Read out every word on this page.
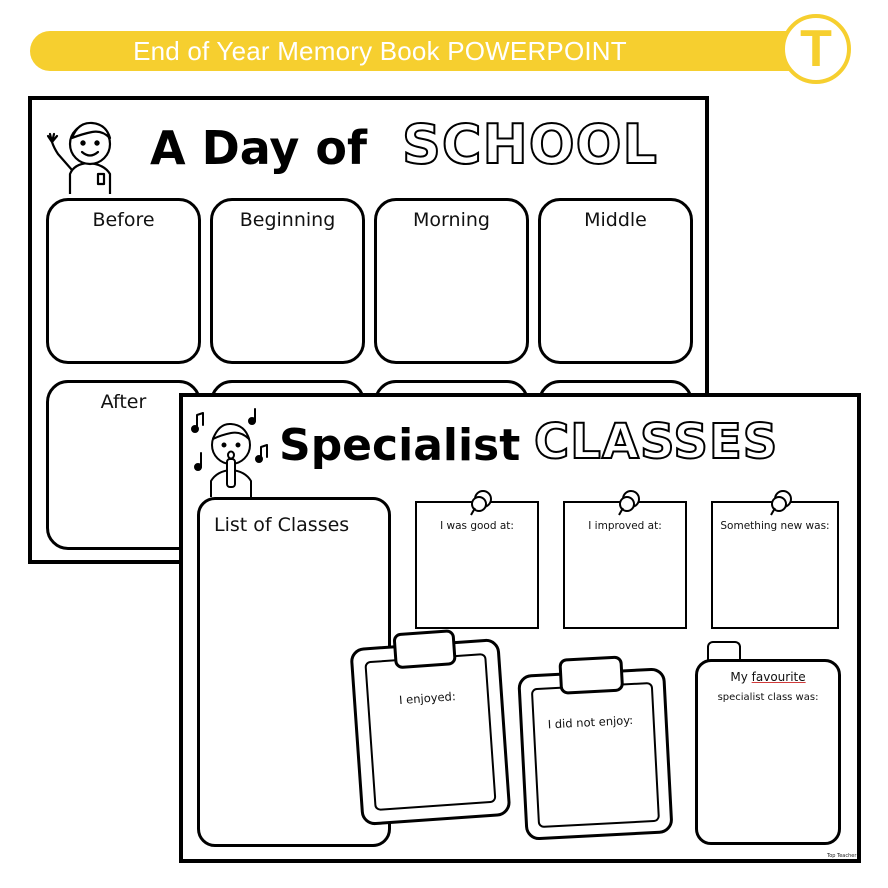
End of Year Memory Book POWERPOINT	T
A Day of SCHOOL
Before	Beginning	Morning	Middle
After
Specialist CLASSES
List of Classes	I was good at:	I improved at:	Something new was:
I enjoyed:
I did not enjoy:
My favourite
specialist class was:
Top Teacher
